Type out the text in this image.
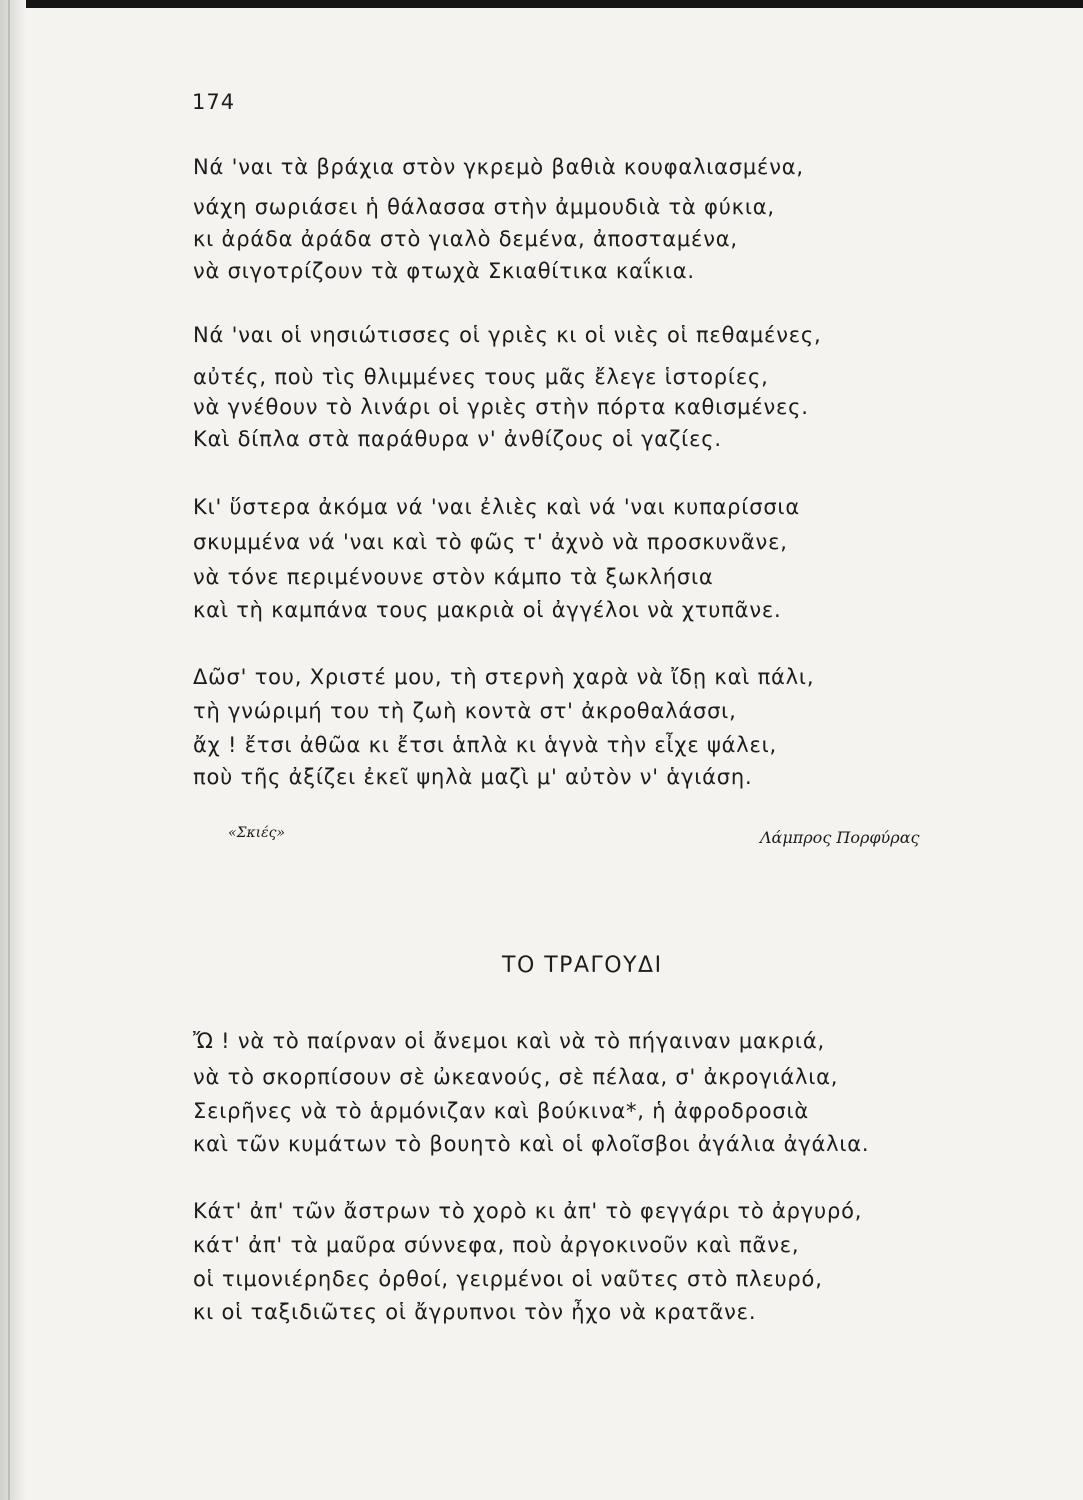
174
Νά 'ναι τὰ βράχια στὸν γκρεμὸ βαθιὰ κουφαλιασμένα,
νάχη σωριάσει ἡ θάλασσα στὴν ἀμμουδιὰ τὰ φύκια,
κι ἀράδα ἀράδα στὸ γιαλὸ δεμένα, ἀποσταμένα,
νὰ σιγοτρίζουν τὰ φτωχὰ Σκιαθίτικα καΐκια.
Νά 'ναι οἱ νησιώτισσες οἱ γριὲς κι οἱ νιὲς οἱ πεθαμένες,
αὐτές, ποὺ τὶς θλιμμένες τους μᾶς ἔλεγε ἱστορίες,
νὰ γνέθουν τὸ λινάρι οἱ γριὲς στὴν πόρτα καθισμένες.
Καὶ δίπλα στὰ παράθυρα ν' ἀνθίζους οἱ γαζίες.
Κι' ὕστερα ἀκόμα νά 'ναι ἐλιὲς καὶ νά 'ναι κυπαρίσσια
σκυμμένα νά 'ναι καὶ τὸ φῶς τ' ἀχνὸ νὰ προσκυνᾶνε,
νὰ τόνε περιμένουνε στὸν κάμπο τὰ ξωκλήσια
καὶ τὴ καμπάνα τους μακριὰ οἱ ἀγγέλοι νὰ χτυπᾶνε.
Δῶσ' του, Χριστέ μου, τὴ στερνὴ χαρὰ νὰ ἴδῃ καὶ πάλι,
τὴ γνώριμή του τὴ ζωὴ κοντὰ στ' ἀκροθαλάσσι,
ἄχ ! ἔτσι ἀθῶα κι ἔτσι ἁπλὰ κι ἁγνὰ τὴν εἶχε ψάλει,
ποὺ τῆς ἀξίζει ἐκεῖ ψηλὰ μαζὶ μ' αὐτὸν ν' ἁγιάση.
«Σκιές»	Λάμπρος Πορφύρας
ΤΟ ΤΡΑΓΟΥΔΙ
Ὤ ! νὰ τὸ παίρναν οἱ ἄνεμοι καὶ νὰ τὸ πήγαιναν μακριά,
νὰ τὸ σκορπίσουν σὲ ὠκεανούς, σὲ πέλαα, σ' ἀκρογιάλια,
Σειρῆνες νὰ τὸ ἁρμόνιζαν καὶ βούκινα*, ἡ ἀφροδροσιὰ
καὶ τῶν κυμάτων τὸ βουητὸ καὶ οἱ φλοῖσβοι ἀγάλια ἀγάλια.
Κάτ' ἀπ' τῶν ἄστρων τὸ χορὸ κι ἀπ' τὸ φεγγάρι τὸ ἀργυρό,
κάτ' ἀπ' τὰ μαῦρα σύννεφα, ποὺ ἀργοκινοῦν καὶ πᾶνε,
οἱ τιμονιέρηδες ὀρθοί, γειρμένοι οἱ ναῦτες στὸ πλευρό,
κι οἱ ταξιδιῶτες οἱ ἄγρυπνοι τὸν ἦχο νὰ κρατᾶνε.
